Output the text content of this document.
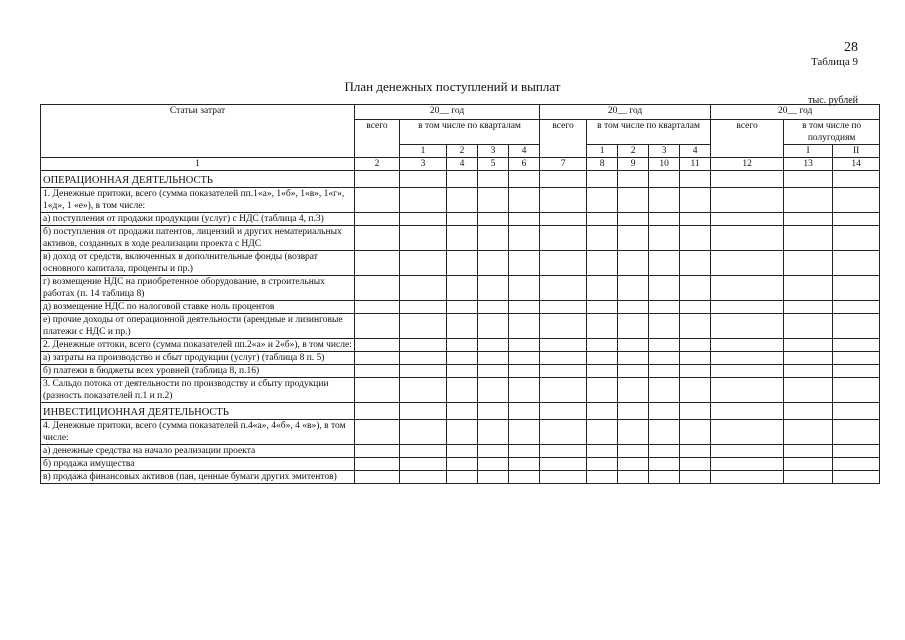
28
Таблица 9
План денежных поступлений и выплат
тыс. рублей
Статьи затрат	20__ год					20__ год					20__ год		
	всего	в том числе по кварталам				всего	в том числе по кварталам				всего	в том числе по полугодиям	
		1	2	3	4		1	2	3	4		I	II
1	2	3	4	5	6	7	8	9	10	11	12	13	14
ОПЕРАЦИОННАЯ ДЕЯТЕЛЬНОСТЬ													
1. Денежные притоки, всего (сумма показателей пп.1«а», 1«б», 1«в», 1«г», 1«д», 1 «е»), в том числе:													
а) поступления от продажи продукции (услуг) с НДС (таблица 4, п.3)													
б) поступления от продажи патентов, лицензий и других нематериальных активов, созданных в ходе реализации проекта с НДС													
в) доход от средств, включенных в дополнительные фонды (возврат основного капитала, проценты и пр.)													
г) возмещение НДС на приобретенное оборудование, в строительных работах (п. 14 таблица 8)													
д) возмещение НДС по налоговой ставке ноль процентов													
е) прочие доходы от операционной деятельности (арендные и лизинговые платежи с НДС и пр.)													
2. Денежные оттоки, всего (сумма показателей пп.2«а» и 2«б»), в том числе:													
а) затраты на производство и сбыт продукции (услуг) (таблица 8 п. 5)													
б) платежи в бюджеты всех уровней (таблица 8, п.16)													
3. Сальдо потока от деятельности по производству и сбыту продукции (разность показателей п.1 и п.2)													
ИНВЕСТИЦИОННАЯ ДЕЯТЕЛЬНОСТЬ													
4. Денежные притоки, всего (сумма показателей п.4«а», 4«б», 4 «в»), в том числе:													
а) денежные средства на начало реализации проекта													
б) продажа имущества													
в) продажа финансовых активов (пан, ценные бумаги других эмитентов)													
